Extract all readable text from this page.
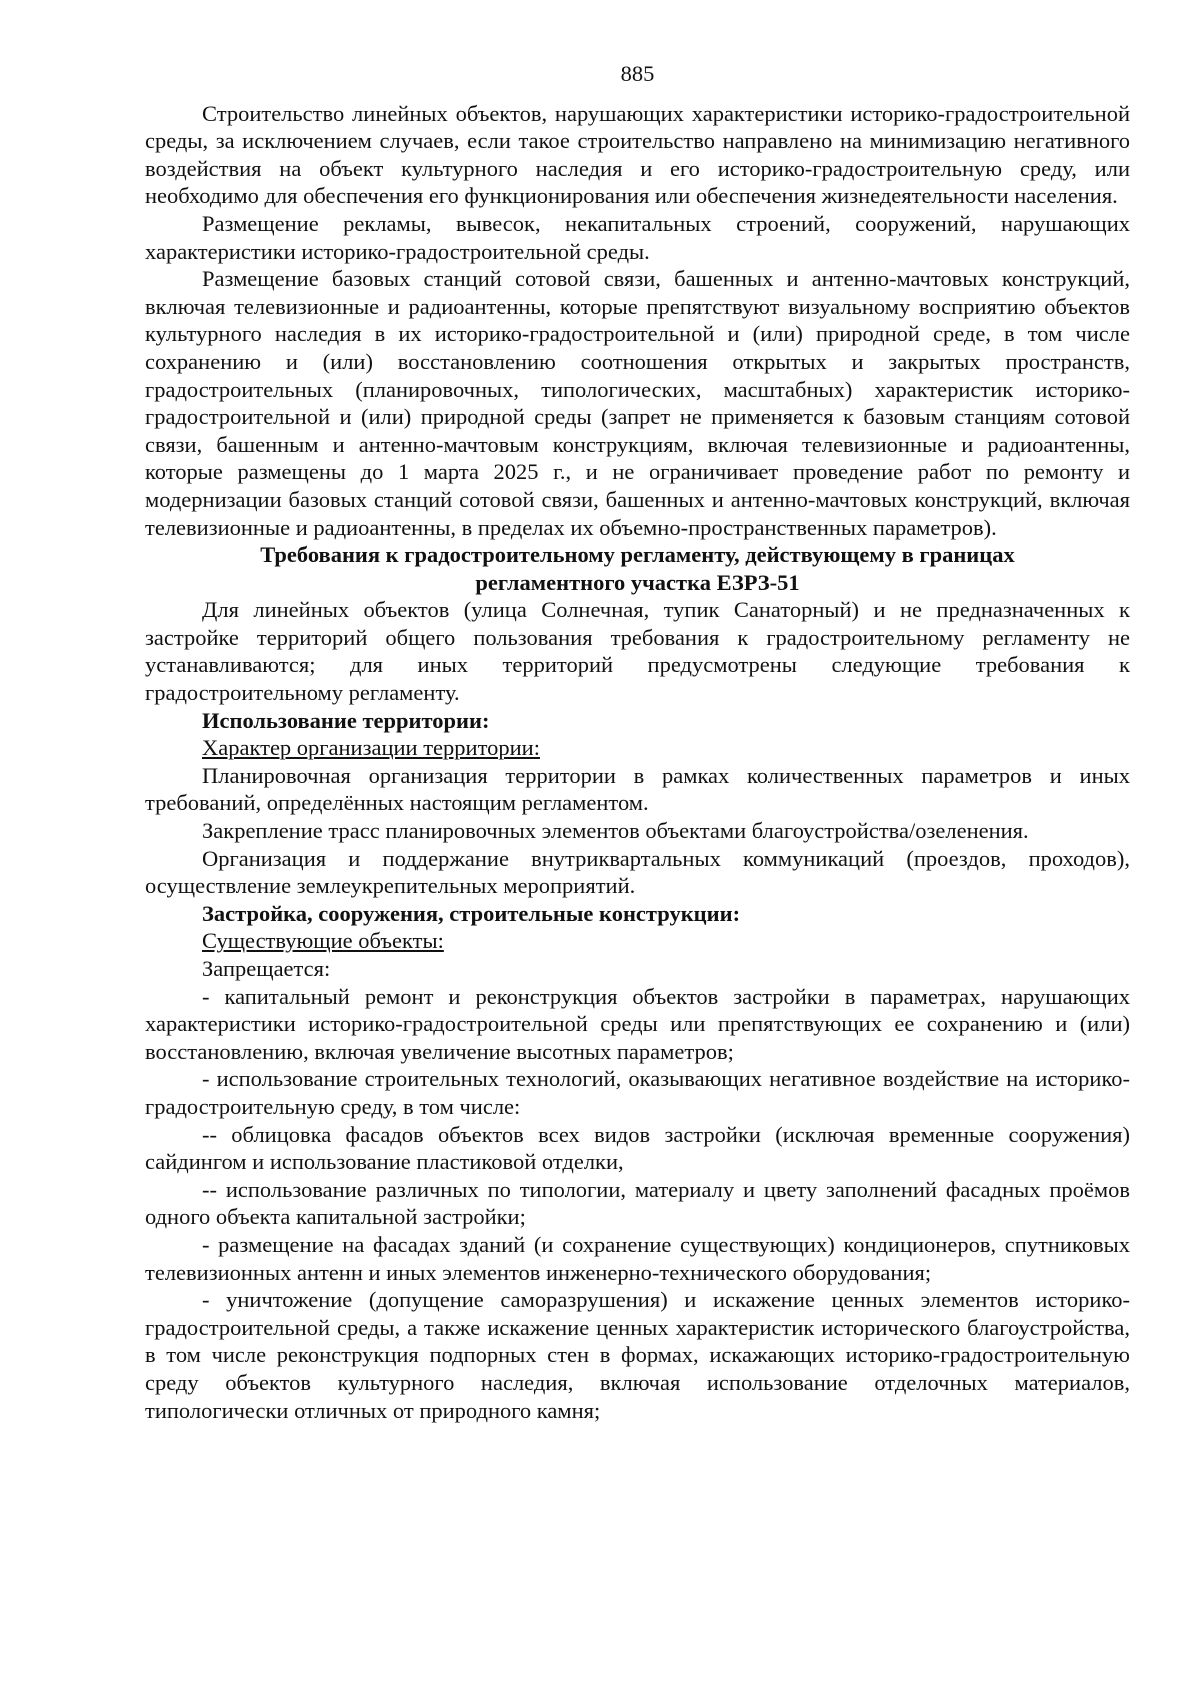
885

Строительство линейных объектов, нарушающих характеристики историко-градостроительной среды, за исключением случаев, если такое строительство направлено на минимизацию негативного воздействия на объект культурного наследия и его историко-градостроительную среду, или необходимо для обеспечения его функционирования или обеспечения жизнедеятельности населения.

Размещение рекламы, вывесок, некапитальных строений, сооружений, нарушающих характеристики историко-градостроительной среды.

Размещение базовых станций сотовой связи, башенных и антенно-мачтовых конструкций, включая телевизионные и радиоантенны, которые препятствуют визуальному восприятию объектов культурного наследия в их историко-градостроительной и (или) природной среде, в том числе сохранению и (или) восстановлению соотношения открытых и закрытых пространств, градостроительных (планировочных, типологических, масштабных) характеристик историко-градостроительной и (или) природной среды (запрет не применяется к базовым станциям сотовой связи, башенным и антенно-мачтовым конструкциям, включая телевизионные и радиоантенны, которые размещены до 1 марта 2025 г., и не ограничивает проведение работ по ремонту и модернизации базовых станций сотовой связи, башенных и антенно-мачтовых конструкций, включая телевизионные и радиоантенны, в пределах их объемно-пространственных параметров).

Требования к градостроительному регламенту, действующему в границах
регламентного участка ЕЗРЗ-51

Для линейных объектов (улица Солнечная, тупик Санаторный) и не предназначенных к застройке территорий общего пользования требования к градостроительному регламенту не устанавливаются; для иных территорий предусмотрены следующие требования к градостроительному регламенту.

Использование территории:

Характер организации территории:

Планировочная организация территории в рамках количественных параметров и иных требований, определённых настоящим регламентом.

Закрепление трасс планировочных элементов объектами благоустройства/озеленения.

Организация и поддержание внутриквартальных коммуникаций (проездов, проходов), осуществление землеукрепительных мероприятий.

Застройка, сооружения, строительные конструкции:

Существующие объекты:

Запрещается:

- капитальный ремонт и реконструкция объектов застройки в параметрах, нарушающих характеристики историко-градостроительной среды или препятствующих ее сохранению и (или) восстановлению, включая увеличение высотных параметров;

- использование строительных технологий, оказывающих негативное воздействие на историко-градостроительную среду, в том числе:

-- облицовка фасадов объектов всех видов застройки (исключая временные сооружения) сайдингом и использование пластиковой отделки,

-- использование различных по типологии, материалу и цвету заполнений фасадных проёмов одного объекта капитальной застройки;

- размещение на фасадах зданий (и сохранение существующих) кондиционеров, спутниковых телевизионных антенн и иных элементов инженерно-технического оборудования;

- уничтожение (допущение саморазрушения) и искажение ценных элементов историко-градостроительной среды, а также искажение ценных характеристик исторического благоустройства, в том числе реконструкция подпорных стен в формах, искажающих историко-градостроительную среду объектов культурного наследия, включая использование отделочных материалов, типологически отличных от природного камня;
